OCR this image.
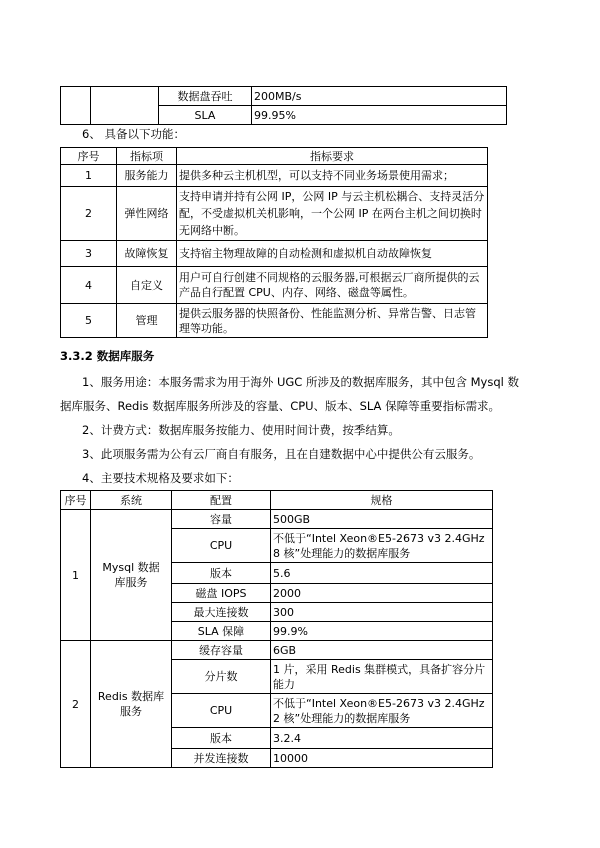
		数据盘吞吐	200MB/s
		SLA	99.95%
6、 具备以下功能：
序号	指标项	指标要求
1	服务能力	提供多种云主机机型，可以支持不同业务场景使用需求；
2	弹性网络	支持申请并持有公网 IP，公网 IP 与云主机松耦合、支持灵活分配，不受虚拟机关机影响，一个公网 IP 在两台主机之间切换时无网络中断。
3	故障恢复	支持宿主物理故障的自动检测和虚拟机自动故障恢复
4	自定义	用户可自行创建不同规格的云服务器,可根据云厂商所提供的云产品自行配置 CPU、内存、网络、磁盘等属性。
5	管理	提供云服务器的快照备份、性能监测分析、异常告警、日志管理等功能。
3.3.2 数据库服务
1、服务用途：本服务需求为用于海外 UGC 所涉及的数据库服务，其中包含 Mysql 数据库服务、Redis 数据库服务所涉及的容量、CPU、版本、SLA 保障等重要指标需求。
2、计费方式：数据库服务按能力、使用时间计费，按季结算。
3、此项服务需为公有云厂商自有服务，且在自建数据中心中提供公有云服务。
4、主要技术规格及要求如下：
序号	系统	配置	规格
1	Mysql 数据库服务	容量	500GB
		CPU	不低于“Intel Xeon®E5-2673 v3 2.4GHz 8 核”处理能力的数据库服务
		版本	5.6
		磁盘 IOPS	2000
		最大连接数	300
		SLA 保障	99.9%
2	Redis 数据库服务	缓存容量	6GB
		分片数	1 片，采用 Redis 集群模式，具备扩容分片能力
		CPU	不低于“Intel Xeon®E5-2673 v3 2.4GHz 2 核”处理能力的数据库服务
		版本	3.2.4
		并发连接数	10000
